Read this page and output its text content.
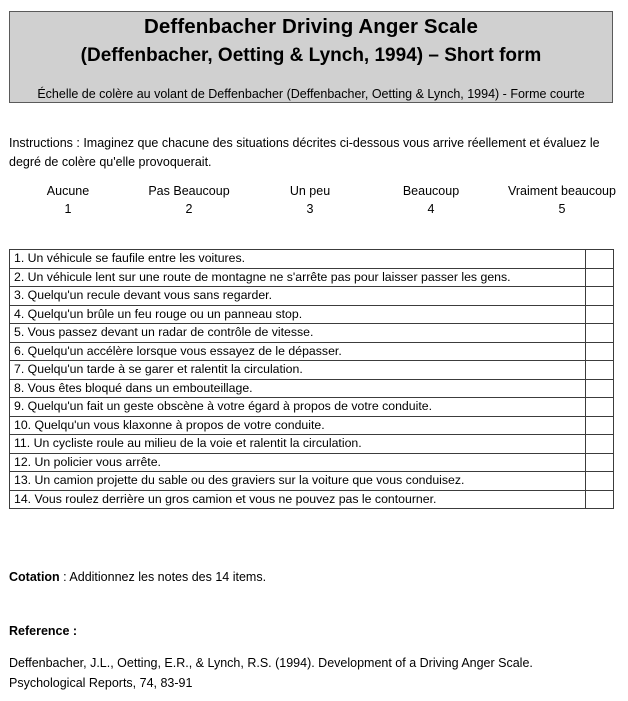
Deffenbacher Driving Anger Scale
(Deffenbacher, Oetting & Lynch, 1994) – Short form
Échelle de colère au volant de Deffenbacher (Deffenbacher, Oetting & Lynch, 1994) - Forme courte
Instructions : Imaginez que chacune des situations décrites ci-dessous vous arrive réellement et évaluez le degré de colère qu'elle provoquerait.
Aucune	Pas Beaucoup	Un peu	Beaucoup	Vraiment beaucoup
1	2	3	4	5
1. Un véhicule se faufile entre les voitures.	
2. Un véhicule lent sur une route de montagne ne s'arrête pas pour laisser passer les gens.	
3. Quelqu'un recule devant vous sans regarder.	
4. Quelqu'un brûle un feu rouge ou un panneau stop.	
5. Vous passez devant un radar de contrôle de vitesse.	
6. Quelqu'un accélère lorsque vous essayez de le dépasser.	
7. Quelqu'un tarde à se garer et ralentit la circulation.	
8. Vous êtes bloqué dans un embouteillage.	
9. Quelqu'un fait un geste obscène à votre égard à propos de votre conduite.	
10. Quelqu'un vous klaxonne à propos de votre conduite.	
11. Un cycliste roule au milieu de la voie et ralentit la circulation.	
12. Un policier vous arrête.	
13. Un camion projette du sable ou des graviers sur la voiture que vous conduisez.	
14. Vous roulez derrière un gros camion et vous ne pouvez pas le contourner.	
Cotation : Additionnez les notes des 14 items.
Reference :
Deffenbacher, J.L., Oetting, E.R., & Lynch, R.S. (1994). Development of a Driving Anger Scale.
Psychological Reports, 74, 83-91
